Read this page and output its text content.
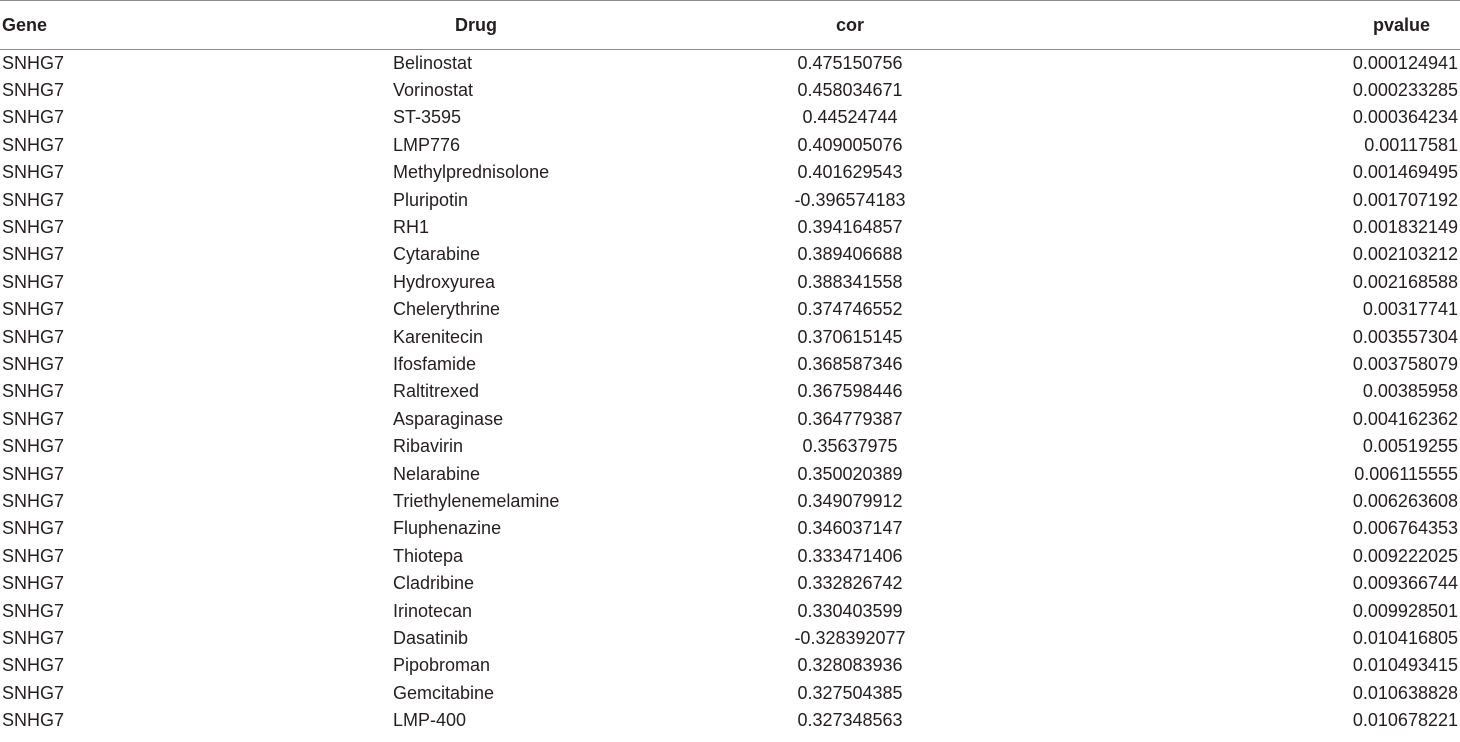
Gene	Drug	cor	pvalue
SNHG7	Belinostat	0.475150756	0.000124941
SNHG7	Vorinostat	0.458034671	0.000233285
SNHG7	ST-3595	0.44524744	0.000364234
SNHG7	LMP776	0.409005076	0.00117581
SNHG7	Methylprednisolone	0.401629543	0.001469495
SNHG7	Pluripotin	-0.396574183	0.001707192
SNHG7	RH1	0.394164857	0.001832149
SNHG7	Cytarabine	0.389406688	0.002103212
SNHG7	Hydroxyurea	0.388341558	0.002168588
SNHG7	Chelerythrine	0.374746552	0.00317741
SNHG7	Karenitecin	0.370615145	0.003557304
SNHG7	Ifosfamide	0.368587346	0.003758079
SNHG7	Raltitrexed	0.367598446	0.00385958
SNHG7	Asparaginase	0.364779387	0.004162362
SNHG7	Ribavirin	0.35637975	0.00519255
SNHG7	Nelarabine	0.350020389	0.006115555
SNHG7	Triethylenemelamine	0.349079912	0.006263608
SNHG7	Fluphenazine	0.346037147	0.006764353
SNHG7	Thiotepa	0.333471406	0.009222025
SNHG7	Cladribine	0.332826742	0.009366744
SNHG7	Irinotecan	0.330403599	0.009928501
SNHG7	Dasatinib	-0.328392077	0.010416805
SNHG7	Pipobroman	0.328083936	0.010493415
SNHG7	Gemcitabine	0.327504385	0.010638828
SNHG7	LMP-400	0.327348563	0.010678221
